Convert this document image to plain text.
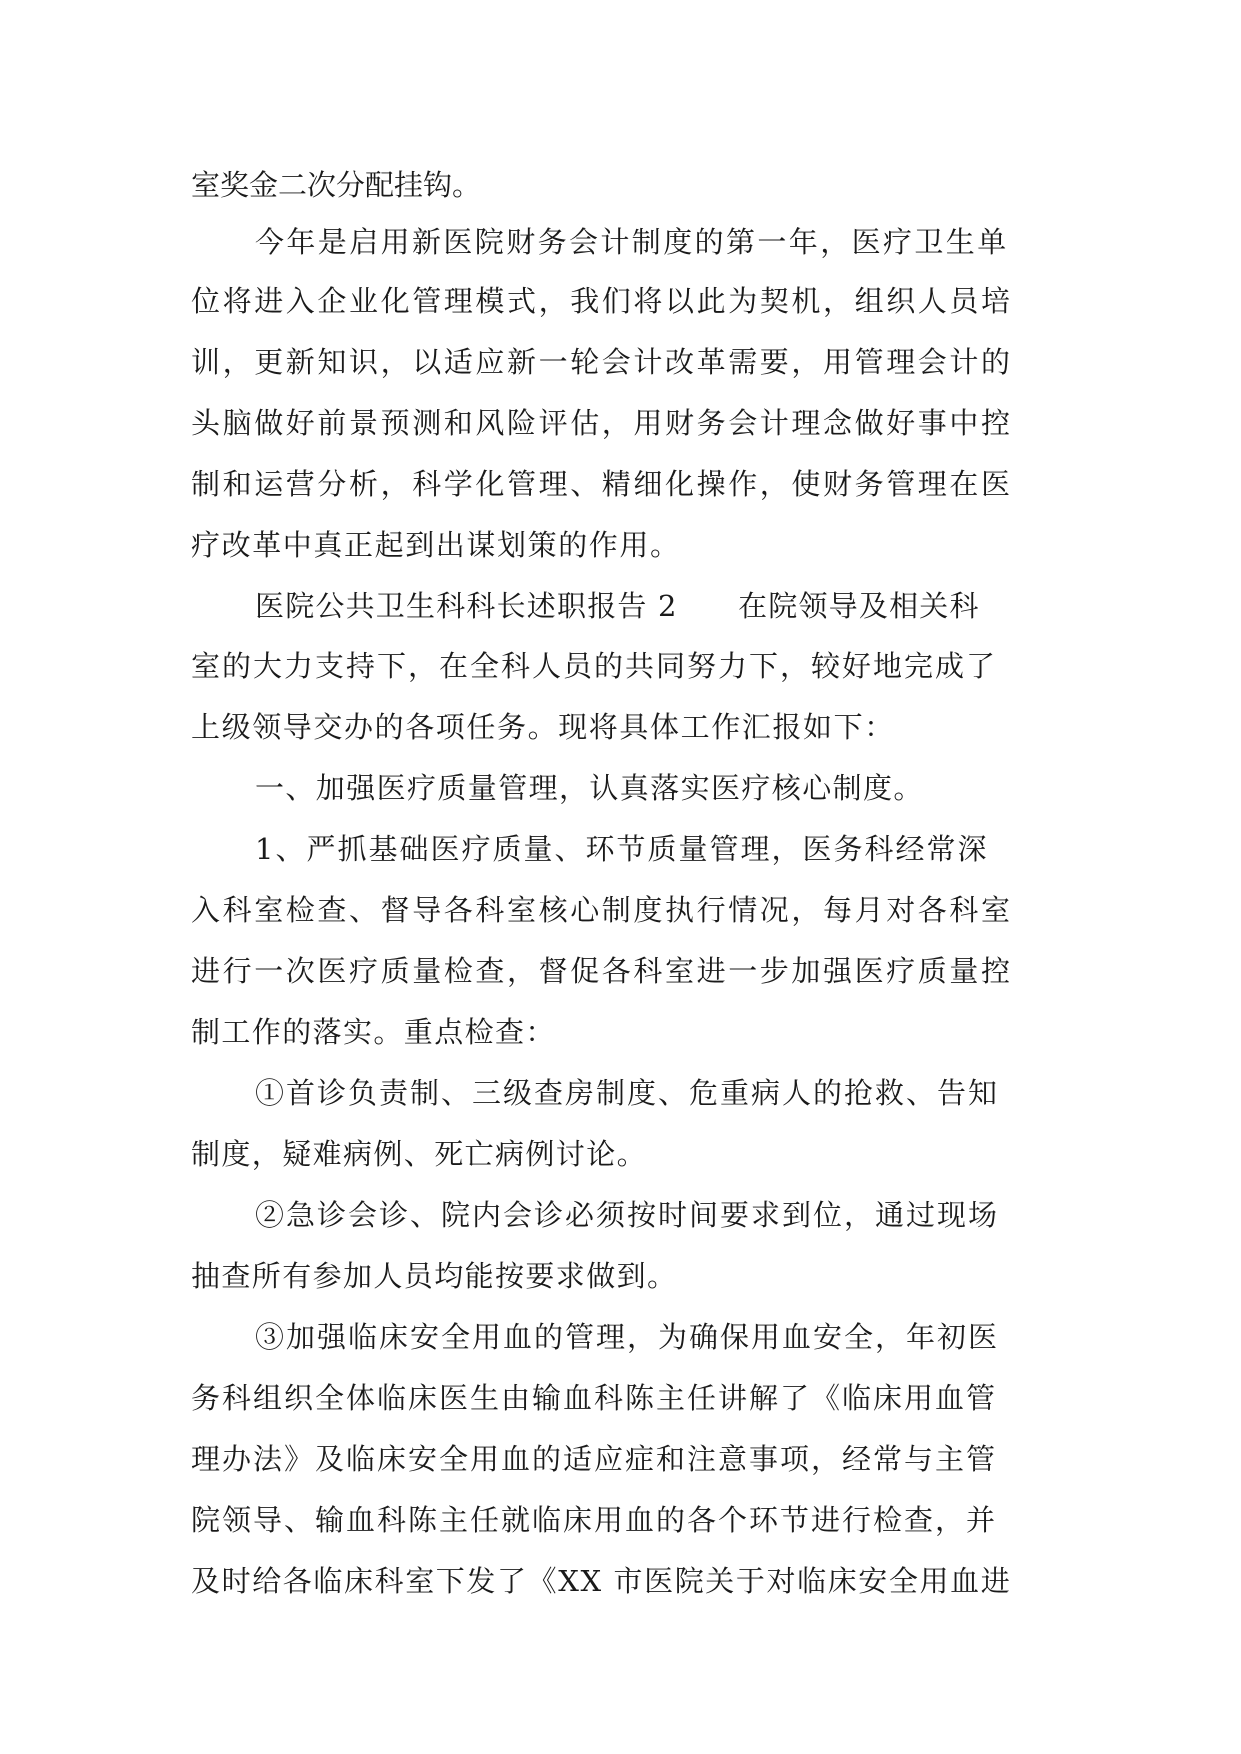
室奖金二次分配挂钩。
今年是启用新医院财务会计制度的第一年，医疗卫生单
位将进入企业化管理模式，我们将以此为契机，组织人员培
训，更新知识，以适应新一轮会计改革需要，用管理会计的
头脑做好前景预测和风险评估，用财务会计理念做好事中控
制和运营分析，科学化管理、精细化操作，使财务管理在医
疗改革中真正起到出谋划策的作用。
医院公共卫生科科长述职报告 2　　在院领导及相关科
室的大力支持下，在全科人员的共同努力下，较好地完成了
上级领导交办的各项任务。现将具体工作汇报如下：
一、加强医疗质量管理，认真落实医疗核心制度。
1、严抓基础医疗质量、环节质量管理，医务科经常深
入科室检查、督导各科室核心制度执行情况，每月对各科室
进行一次医疗质量检查，督促各科室进一步加强医疗质量控
制工作的落实。重点检查：
①首诊负责制、三级查房制度、危重病人的抢救、告知
制度，疑难病例、死亡病例讨论。
②急诊会诊、院内会诊必须按时间要求到位，通过现场
抽查所有参加人员均能按要求做到。
③加强临床安全用血的管理，为确保用血安全，年初医
务科组织全体临床医生由输血科陈主任讲解了《临床用血管
理办法》及临床安全用血的适应症和注意事项，经常与主管
院领导、输血科陈主任就临床用血的各个环节进行检查，并
及时给各临床科室下发了《XX 市医院关于对临床安全用血进
